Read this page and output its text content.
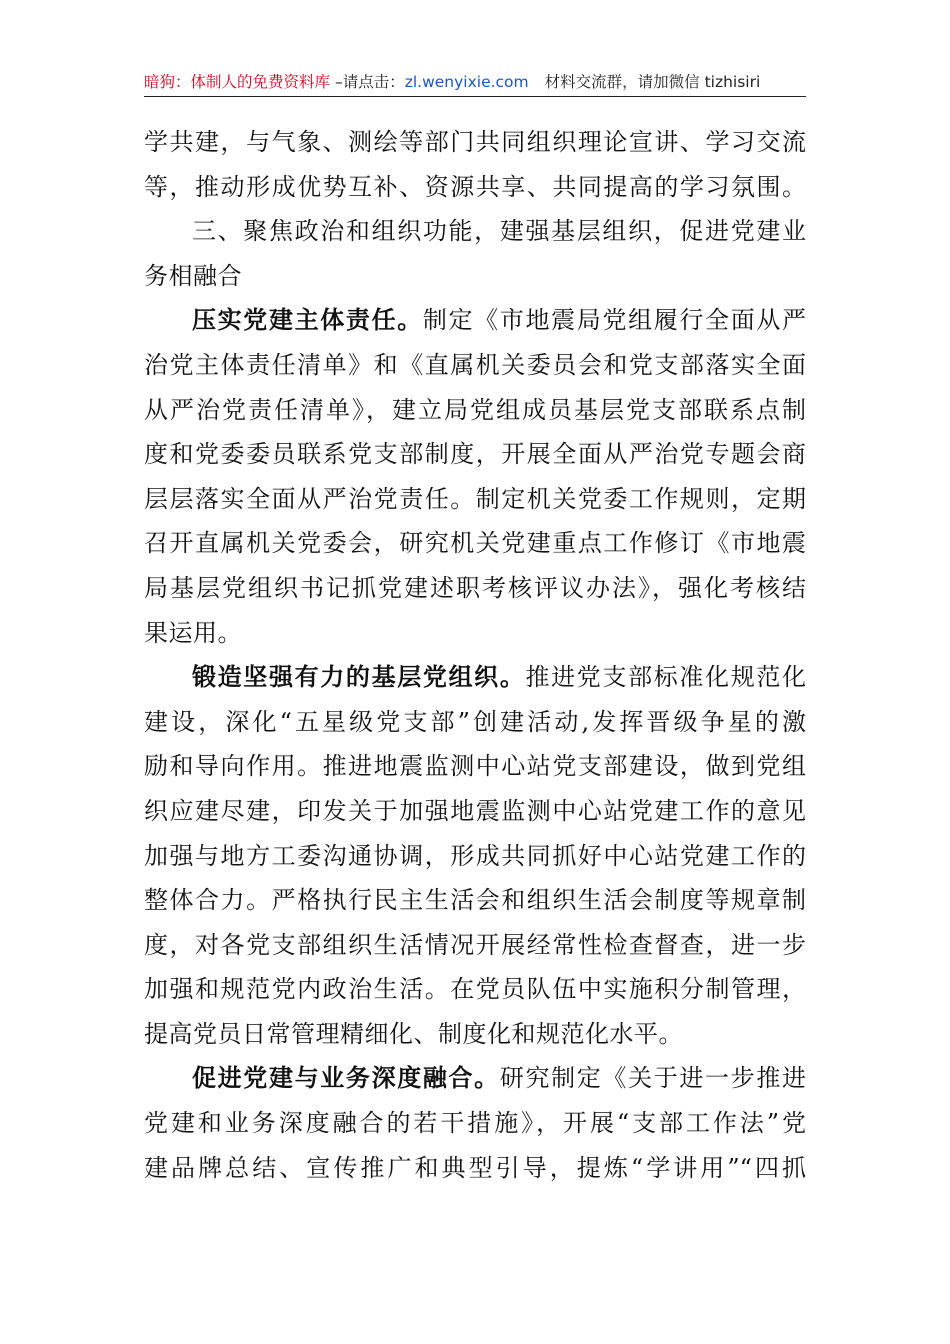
暗狗：体制人的免费资料库 –请点击：zl.wenyixie.com 材料交流群，请加微信 tizhisiri
学共建，与气象、测绘等部门共同组织理论宣讲、学习交流
等，推动形成优势互补、资源共享、共同提高的学习氛围。
三、聚焦政治和组织功能，建强基层组织，促进党建业
务相融合
压实党建主体责任。制定《市地震局党组履行全面从严
治党主体责任清单》和《直属机关委员会和党支部落实全面
从严治党责任清单》，建立局党组成员基层党支部联系点制
度和党委委员联系党支部制度，开展全面从严治党专题会商
层层落实全面从严治党责任。制定机关党委工作规则，定期
召开直属机关党委会，研究机关党建重点工作修订《市地震
局基层党组织书记抓党建述职考核评议办法》，强化考核结
果运用。
锻造坚强有力的基层党组织。推进党支部标准化规范化
建设，深化“五星级党支部”创建活动,发挥晋级争星的激
励和导向作用。推进地震监测中心站党支部建设，做到党组
织应建尽建，印发关于加强地震监测中心站党建工作的意见
加强与地方工委沟通协调，形成共同抓好中心站党建工作的
整体合力。严格执行民主生活会和组织生活会制度等规章制
度，对各党支部组织生活情况开展经常性检查督查，进一步
加强和规范党内政治生活。在党员队伍中实施积分制管理，
提高党员日常管理精细化、制度化和规范化水平。
促进党建与业务深度融合。研究制定《关于进一步推进
党建和业务深度融合的若干措施》，开展“支部工作法”党
建品牌总结、宣传推广和典型引导，提炼“学讲用”“四抓
